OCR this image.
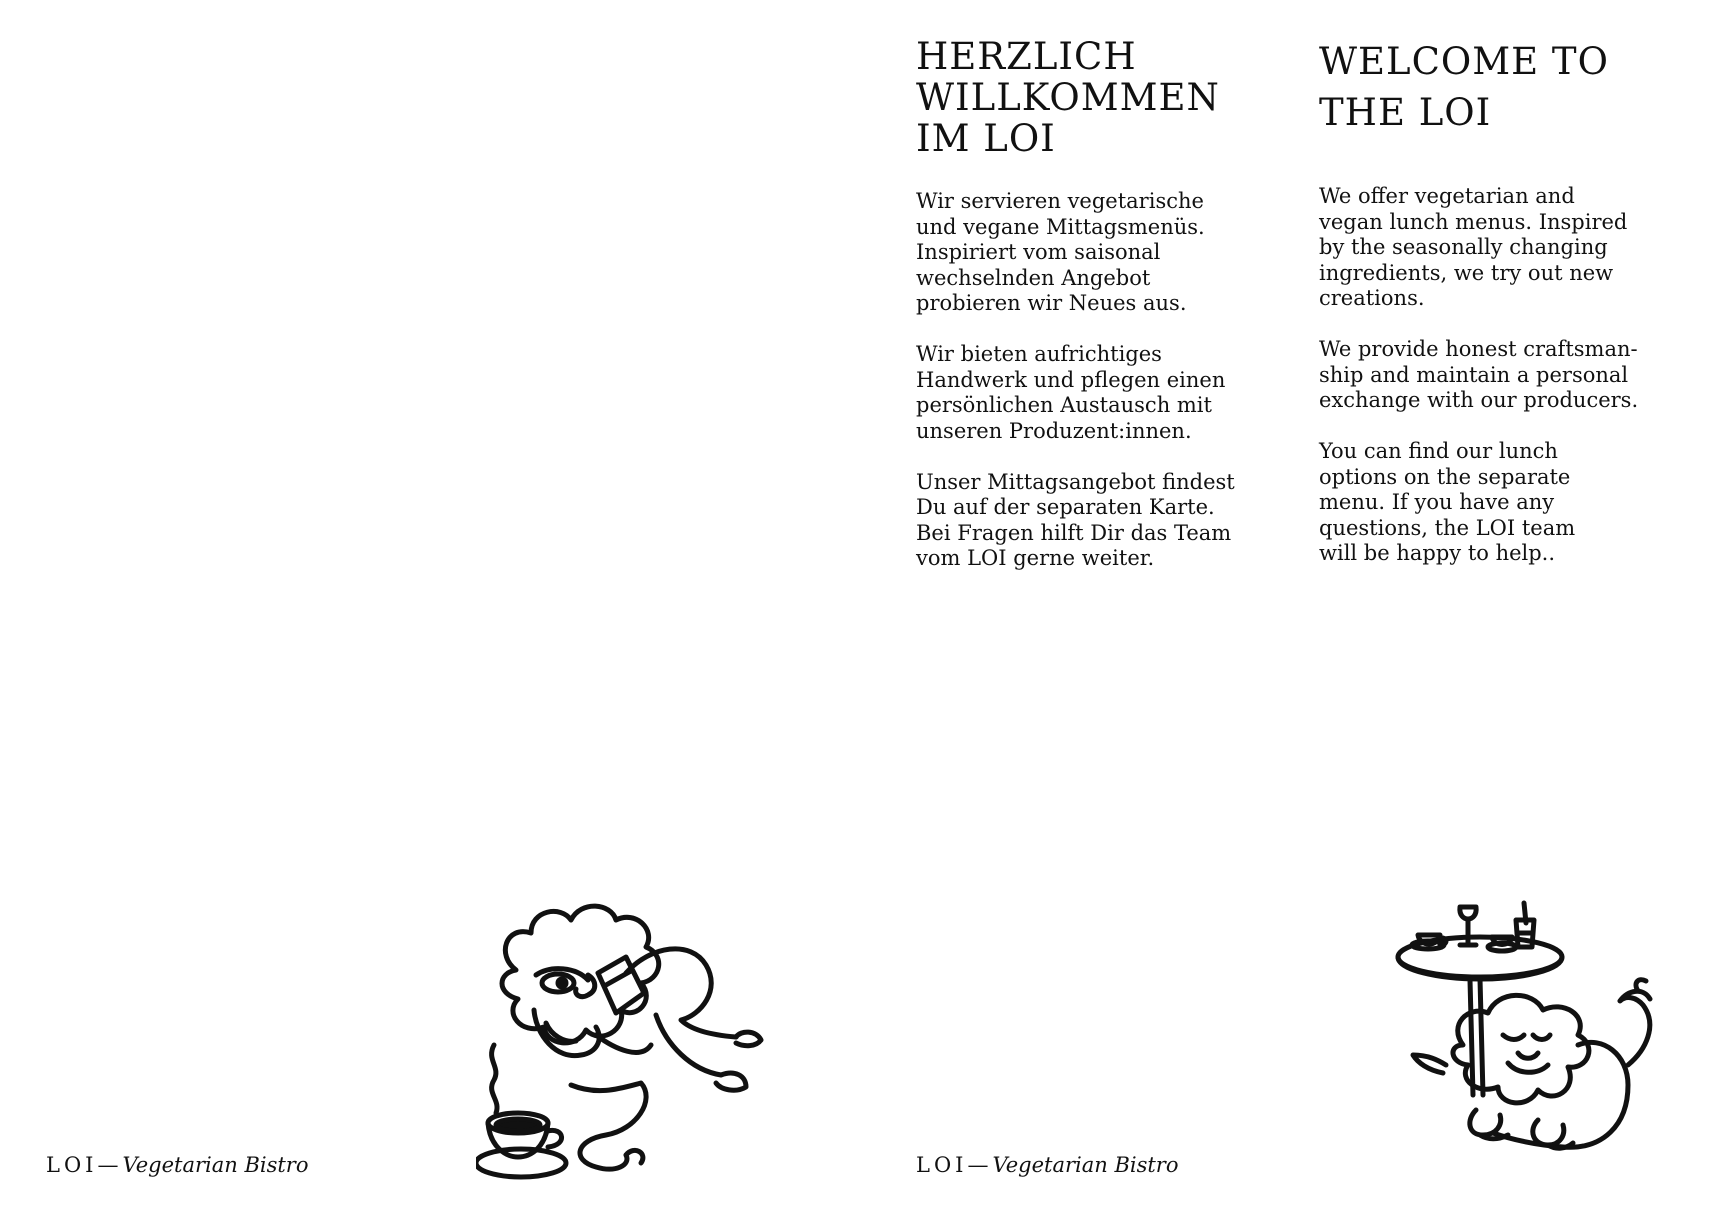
LOI— Vegetarian Bistro
HERZLICH
WILLKOMMEN
IM LOI

Wir servieren vegetarische
und vegane Mittagsmenüs.
Inspiriert vom saisonal
wechselnden Angebot
probieren wir Neues aus.

Wir bieten aufrichtiges
Handwerk und pflegen einen
persönlichen Austausch mit
unseren Produzent:innen.

Unser Mittagsangebot findest
Du auf der separaten Karte.
Bei Fragen hilft Dir das Team
vom LOI gerne weiter.

WELCOME TO
THE LOI

We offer vegetarian and
vegan lunch menus. Inspired
by the seasonally changing
ingredients, we try out new
creations.

We provide honest craftsman-
ship and maintain a personal
exchange with our producers.

You can find our lunch
options on the separate
menu. If you have any
questions, the LOI team
will be happy to help..

LOI— Vegetarian Bistro
